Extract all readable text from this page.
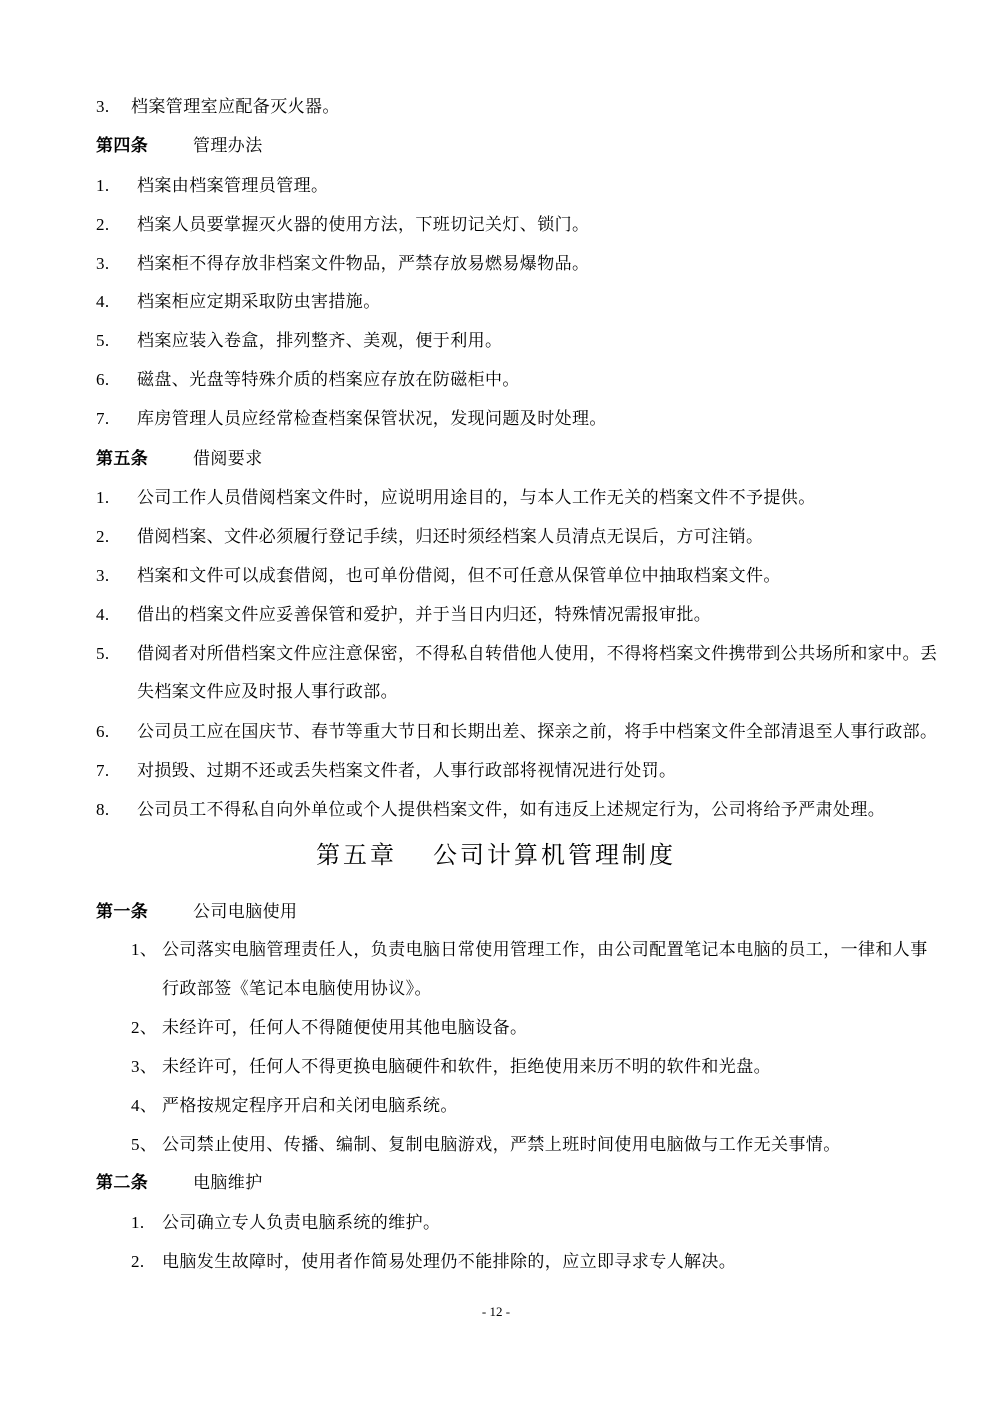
3.	档案管理室应配备灭火器。
第四条	管理办法
1.	档案由档案管理员管理。
2.	档案人员要掌握灭火器的使用方法，下班切记关灯、锁门。
3.	档案柜不得存放非档案文件物品，严禁存放易燃易爆物品。
4.	档案柜应定期采取防虫害措施。
5.	档案应装入卷盒，排列整齐、美观，便于利用。
6.	磁盘、光盘等特殊介质的档案应存放在防磁柜中。
7.	库房管理人员应经常检查档案保管状况，发现问题及时处理。
第五条	借阅要求
1.	公司工作人员借阅档案文件时，应说明用途目的，与本人工作无关的档案文件不予提供。
2.	借阅档案、文件必须履行登记手续，归还时须经档案人员清点无误后，方可注销。
3.	档案和文件可以成套借阅，也可单份借阅，但不可任意从保管单位中抽取档案文件。
4.	借出的档案文件应妥善保管和爱护，并于当日内归还，特殊情况需报审批。
5.	借阅者对所借档案文件应注意保密，不得私自转借他人使用，不得将档案文件携带到公共场所和家中。丢
失档案文件应及时报人事行政部。
6.	公司员工应在国庆节、春节等重大节日和长期出差、探亲之前，将手中档案文件全部清退至人事行政部。
7.	对损毁、过期不还或丢失档案文件者，人事行政部将视情况进行处罚。
8.	公司员工不得私自向外单位或个人提供档案文件，如有违反上述规定行为，公司将给予严肃处理。
第五章 公司计算机管理制度
第一条	公司电脑使用
1、 公司落实电脑管理责任人，负责电脑日常使用管理工作，由公司配置笔记本电脑的员工，一律和人事
行政部签《笔记本电脑使用协议》。
2、 未经许可，任何人不得随便使用其他电脑设备。
3、 未经许可，任何人不得更换电脑硬件和软件，拒绝使用来历不明的软件和光盘。
4、 严格按规定程序开启和关闭电脑系统。
5、 公司禁止使用、传播、编制、复制电脑游戏，严禁上班时间使用电脑做与工作无关事情。
第二条	电脑维护
1.	公司确立专人负责电脑系统的维护。
2.	电脑发生故障时，使用者作简易处理仍不能排除的，应立即寻求专人解决。
- 12 -
